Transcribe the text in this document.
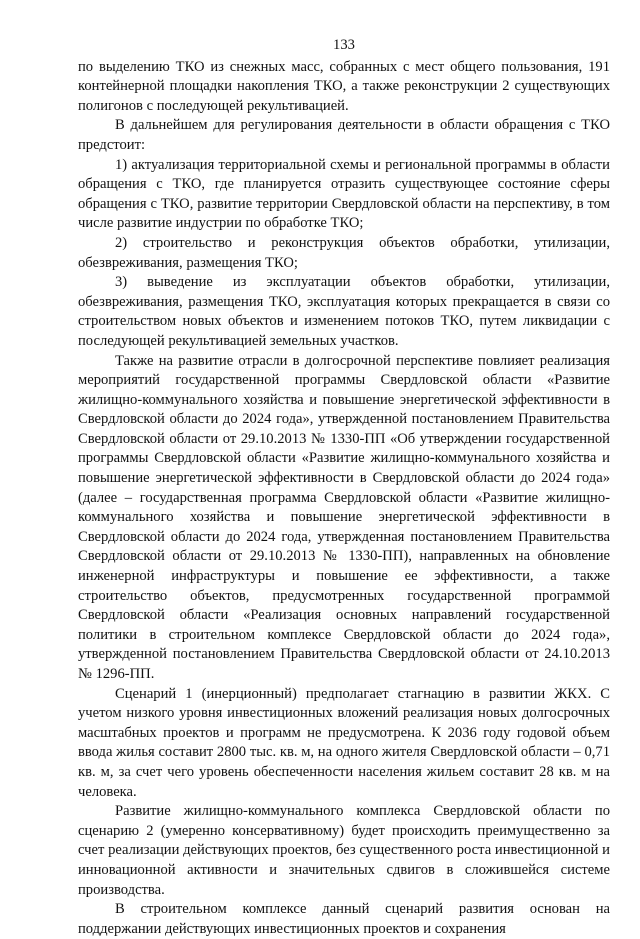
133

по выделению ТКО из снежных масс, собранных с мест общего пользования, 191 контейнерной площадки накопления ТКО, а также реконструкции 2 существующих полигонов с последующей рекультивацией.

В дальнейшем для регулирования деятельности в области обращения с ТКО предстоит:

1) актуализация территориальной схемы и региональной программы в области обращения с ТКО, где планируется отразить существующее состояние сферы обращения с ТКО, развитие территории Свердловской области на перспективу, в том числе развитие индустрии по обработке ТКО;

2) строительство и реконструкция объектов обработки, утилизации, обезвреживания, размещения ТКО;

3) выведение из эксплуатации объектов обработки, утилизации, обезвреживания, размещения ТКО, эксплуатация которых прекращается в связи со строительством новых объектов и изменением потоков ТКО, путем ликвидации с последующей рекультивацией земельных участков.

Также на развитие отрасли в долгосрочной перспективе повлияет реализация мероприятий государственной программы Свердловской области «Развитие жилищно-коммунального хозяйства и повышение энергетической эффективности в Свердловской области до 2024 года», утвержденной постановлением Правительства Свердловской области от 29.10.2013 № 1330-ПП «Об утверждении государственной программы Свердловской области «Развитие жилищно-коммунального хозяйства и повышение энергетической эффективности в Свердловской области до 2024 года» (далее – государственная программа Свердловской области «Развитие жилищно-коммунального хозяйства и повышение энергетической эффективности в Свердловской области до 2024 года, утвержденная постановлением Правительства Свердловской области от 29.10.2013 № 1330-ПП), направленных на обновление инженерной инфраструктуры и повышение ее эффективности, а также строительство объектов, предусмотренных государственной программой Свердловской области «Реализация основных направлений государственной политики в строительном комплексе Свердловской области до 2024 года», утвержденной постановлением Правительства Свердловской области от 24.10.2013 № 1296-ПП.

Сценарий 1 (инерционный) предполагает стагнацию в развитии ЖКХ. С учетом низкого уровня инвестиционных вложений реализация новых долгосрочных масштабных проектов и программ не предусмотрена. К 2036 году годовой объем ввода жилья составит 2800 тыс. кв. м, на одного жителя Свердловской области – 0,71 кв. м, за счет чего уровень обеспеченности населения жильем составит 28 кв. м на человека.

Развитие жилищно-коммунального комплекса Свердловской области по сценарию 2 (умеренно консервативному) будет происходить преимущественно за счет реализации действующих проектов, без существенного роста инвестиционной и инновационной активности и значительных сдвигов в сложившейся системе производства.

В строительном комплексе данный сценарий развития основан на поддержании действующих инвестиционных проектов и сохранения
